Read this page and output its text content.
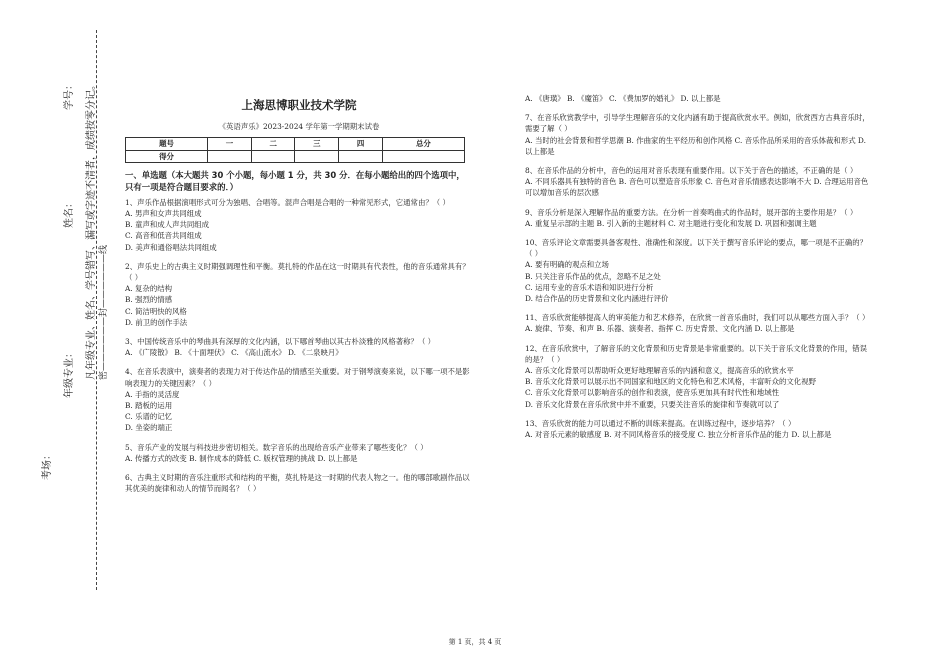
学号：
姓名：
年级专业：
考场：
凡年级专业、姓名、学号错写、漏写或字迹不清者，成绩按零分记。 密——————封——————线
上海思博职业技术学院
《英语声乐》2023-2024 学年第一学期期末试卷
题号	一	二	三	四	总分
得分					
一、单选题（本大题共 30 个小题，每小题 1 分，共 30 分．在每小题给出的四个选项中，只有一项是符合题目要求的．）

1、声乐作品根据演唱形式可分为独唱、合唱等。混声合唱是合唱的一种常见形式，它通常由？（ ）

A. 男声和女声共同组成

B. 童声和成人声共同组成

C. 高音和低音共同组成

D. 美声和通俗唱法共同组成

2、声乐史上的古典主义时期强调理性和平衡。莫扎特的作品在这一时期具有代表性，他的音乐通常具有？（ ）

A. 复杂的结构

B. 强烈的情感

C. 简洁明快的风格

D. 前卫的创作手法

3、中国传统音乐中的琴曲具有深厚的文化内涵，以下哪首琴曲以其古朴淡雅的风格著称？（ ）

A. 《广陵散》 B. 《十面埋伏》 C. 《高山流水》 D. 《二泉映月》

4、在音乐表演中，演奏者的表现力对于传达作品的情感至关重要。对于钢琴演奏来说，以下哪一项不是影响表现力的关键因素？（ ）

A. 手指的灵活度

B. 踏板的运用

C. 乐谱的记忆

D. 坐姿的端正

5、音乐产业的发展与科技进步密切相关。数字音乐的出现给音乐产业带来了哪些变化？（ ）

A. 传播方式的改变 B. 制作成本的降低 C. 版权管理的挑战 D. 以上都是

6、古典主义时期的音乐注重形式和结构的平衡，莫扎特是这一时期的代表人物之一。他的哪部歌剧作品以其优美的旋律和动人的情节而闻名？（ ）

A. 《唐璜》 B. 《魔笛》 C. 《费加罗的婚礼》 D. 以上都是

7、在音乐欣赏教学中，引导学生理解音乐的文化内涵有助于提高欣赏水平。例如，欣赏西方古典音乐时，需要了解（ ）

A. 当时的社会背景和哲学思潮 B. 作曲家的生平经历和创作风格 C. 音乐作品所采用的音乐体裁和形式 D. 以上都是

8、在音乐作品的分析中，音色的运用对音乐表现有重要作用。以下关于音色的描述，不正确的是（ ）

A. 不同乐器具有独特的音色 B. 音色可以塑造音乐形象 C. 音色对音乐情感表达影响不大 D. 合理运用音色可以增加音乐的层次感

9、音乐分析是深入理解作品的重要方法。在分析一首奏鸣曲式的作品时，展开部的主要作用是？（ ）

A. 重复呈示部的主题 B. 引入新的主题材料 C. 对主题进行变化和发展 D. 巩固和强调主题

10、音乐评论文章需要具备客观性、准确性和深度。以下关于撰写音乐评论的要点，哪一项是不正确的？（ ）

A. 要有明确的观点和立场

B. 只关注音乐作品的优点，忽略不足之处

C. 运用专业的音乐术语和知识进行分析

D. 结合作品的历史背景和文化内涵进行评价

11、音乐欣赏能够提高人的审美能力和艺术修养，在欣赏一首音乐曲时，我们可以从哪些方面入手？（ ）

A. 旋律、节奏、和声 B. 乐器、演奏者、指挥 C. 历史背景、文化内涵 D. 以上都是

12、在音乐欣赏中，了解音乐的文化背景和历史背景是非常重要的。以下关于音乐文化背景的作用，错误的是？（ ）

A. 音乐文化背景可以帮助听众更好地理解音乐的内涵和意义，提高音乐的欣赏水平

B. 音乐文化背景可以展示出不同国家和地区的文化特色和艺术风格，丰富听众的文化视野

C. 音乐文化背景可以影响音乐的创作和表演，使音乐更加具有时代性和地域性

D. 音乐文化背景在音乐欣赏中并不重要，只要关注音乐的旋律和节奏就可以了

13、音乐欣赏的能力可以通过不断的训练来提高。在训练过程中，逐步培养？（ ）

A. 对音乐元素的敏感度 B. 对不同风格音乐的接受度 C. 独立分析音乐作品的能力 D. 以上都是

第 1 页，共 4 页
